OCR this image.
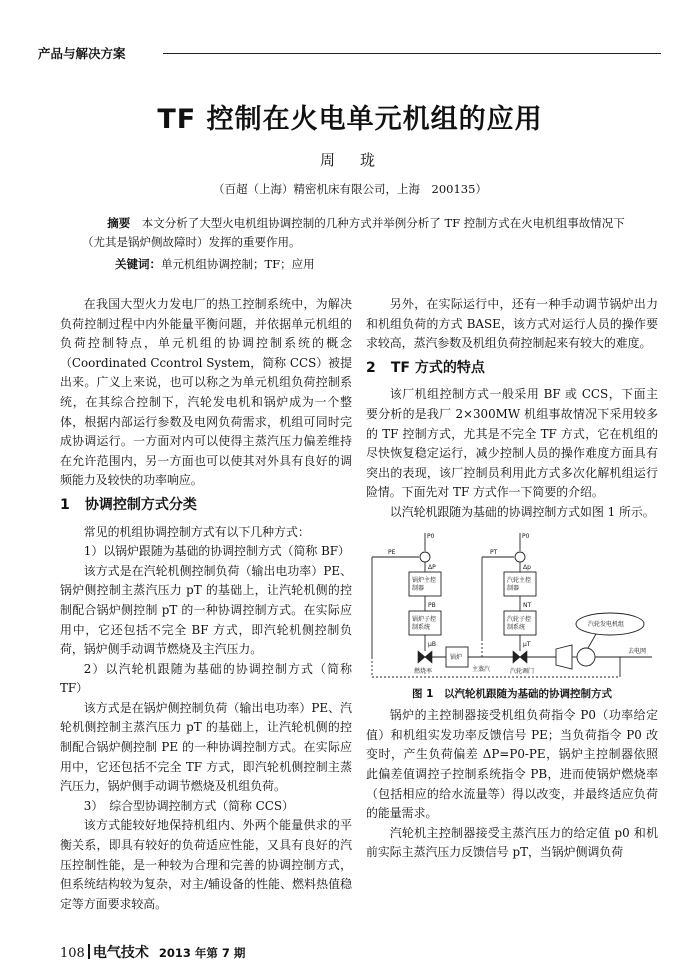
产品与解决方案
TF 控制在火电单元机组的应用
周　珑
（百超（上海）精密机床有限公司，上海　200135）
摘要　 本文分析了大型火电机组协调控制的几种方式并举例分析了 TF 控制方式在火电机组事故情况下（尤其是锅炉侧故障时）发挥的重要作用。
关键词：单元机组协调控制；TF；应用

在我国大型火力发电厂的热工控制系统中，为解决负荷控制过程中内外能量平衡问题，并依据单元机组的负荷控制特点，单元机组的协调控制系统的概念（Coordinated Ccontrol System，简称 CCS）被提出来。广义上来说，也可以称之为单元机组负荷控制系统，在其综合控制下，汽轮发电机和锅炉成为一个整体，根据内部运行参数及电网负荷需求，机组可同时完成协调运行。一方面对内可以使得主蒸汽压力偏差维持在允许范围内，另一方面也可以使其对外具有良好的调频能力及较快的功率响应。

1 协调控制方式分类

常见的机组协调控制方式有以下几种方式：

1）以锅炉跟随为基础的协调控制方式（简称 BF）

该方式是在汽轮机侧控制负荷（输出电功率）PE、锅炉侧控制主蒸汽压力 pT 的基础上，让汽轮机侧的控制配合锅炉侧控制 pT 的一种协调控制方式。在实际应用中，它还包括不完全 BF 方式，即汽轮机侧控制负荷，锅炉侧手动调节燃烧及主汽压力。

2）以汽轮机跟随为基础的协调控制方式（简称 TF）

该方式是在锅炉侧控制负荷（输出电功率）PE、汽轮机侧控制主蒸汽压力 pT 的基础上，让汽轮机侧的控制配合锅炉侧控制 PE 的一种协调控制方式。在实际应用中，它还包括不完全 TF 方式，即汽轮机侧控制主蒸汽压力，锅炉侧手动调节燃烧及机组负荷。

3）　综合型协调控制方式（简称 CCS）

该方式能较好地保持机组内、外两个能量供求的平衡关系，即具有较好的负荷适应性能，又具有良好的汽压控制性能，是一种较为合理和完善的协调控制方式，但系统结构较为复杂，对主/辅设备的性能、燃料热值稳定等方面要求较高。

另外，在实际运行中，还有一种手动调节锅炉出力和机组负荷的方式 BASE，该方式对运行人员的操作要求较高，蒸汽参数及机组负荷控制起来有较大的难度。

2 TF 方式的特点

该厂机组控制方式一般采用 BF 或 CCS，下面主要分析的是我厂 2×300MW 机组事故情况下采用较多的 TF 控制方式，尤其是不完全 TF 方式，它在机组的尽快恢复稳定运行，减少控制人员的操作难度方面具有突出的表现，该厂控制员利用此方式多次化解机组运行险情。下面先对 TF 方式作一下简要的介绍。

以汽轮机跟随为基础的协调控制方式如图 1 所示。

P0
PE
ΔP
P0
PT
Δp
锅炉主控制器
汽轮主控制器
锅炉子控制系统
汽轮子控制系统
PB	NT
μB	μT
锅炉
燃烧率	主蒸汽	汽轮调门
汽轮发电机组
去电网
图 1　以汽轮机跟随为基础的协调控制方式

锅炉的主控制器接受机组负荷指令 P0（功率给定值）和机组实发功率反馈信号 PE；当负荷指令 P0 改变时，产生负荷偏差 ΔP=P0-PE，锅炉主控制器依照此偏差值调控子控制系统指令 PB，进而使锅炉燃烧率（包括相应的给水流量等）得以改变，并最终适应负荷的能量需求。

汽轮机主控制器接受主蒸汽压力的给定值 p0 和机前实际主蒸汽压力反馈信号 pT，当锅炉侧调负荷

108 电气技术 2013 年第 7 期
